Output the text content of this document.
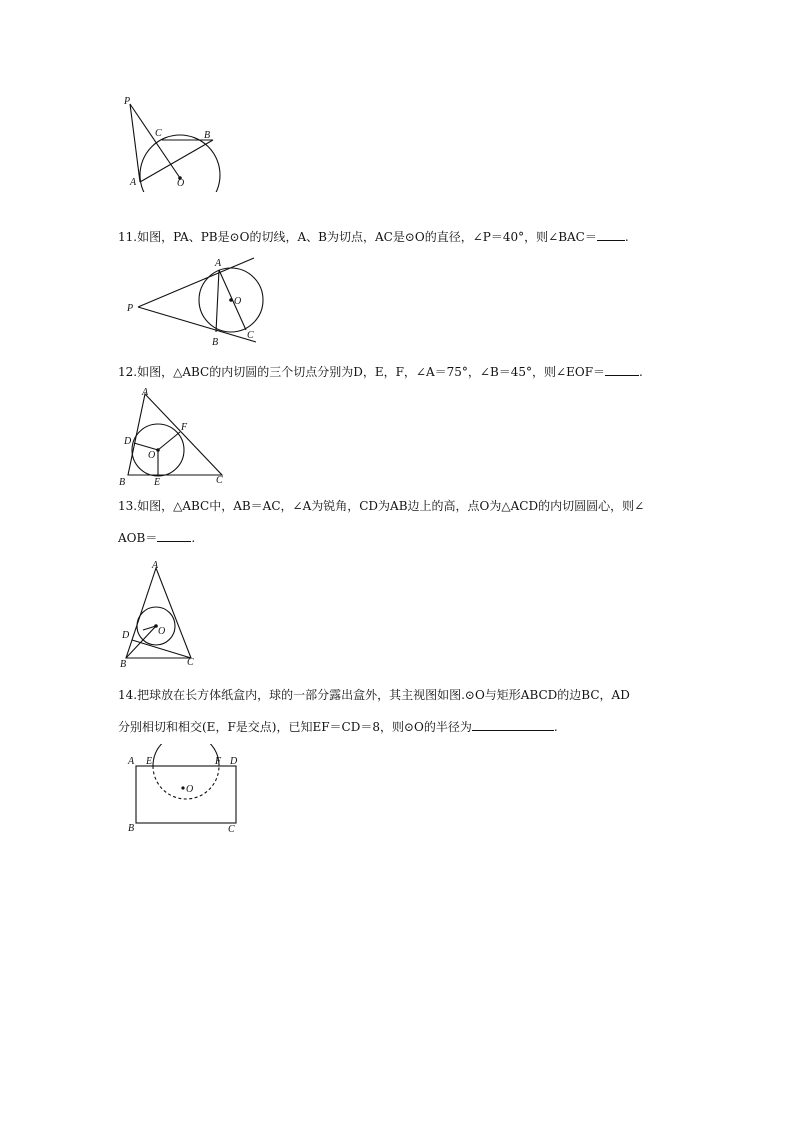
P
C	B
A	O
11.如图，PA、PB是⊙O的切线，A、B为切点，AC是⊙O的直径，∠P＝40°，则∠BAC＝ .
A
O
P
C
B
12.如图，△ABC的内切圆的三个切点分别为D，E，F，∠A＝75°，∠B＝45°，则∠EOF＝	.
A
F
D
O
B	E	C
13.如图，△ABC中，AB＝AC，∠A为锐角，CD为AB边上的高，点O为△ACD的内切圆圆心，则∠
AOB＝	.
A
D	O
B	C
14.把球放在长方体纸盒内，球的一部分露出盒外，其主视图如图.⊙O与矩形ABCD的边BC，AD
分别相切和相交(E，F是交点)，已知EF＝CD＝8，则⊙O的半径为	.
A E	F D
O
B	C
